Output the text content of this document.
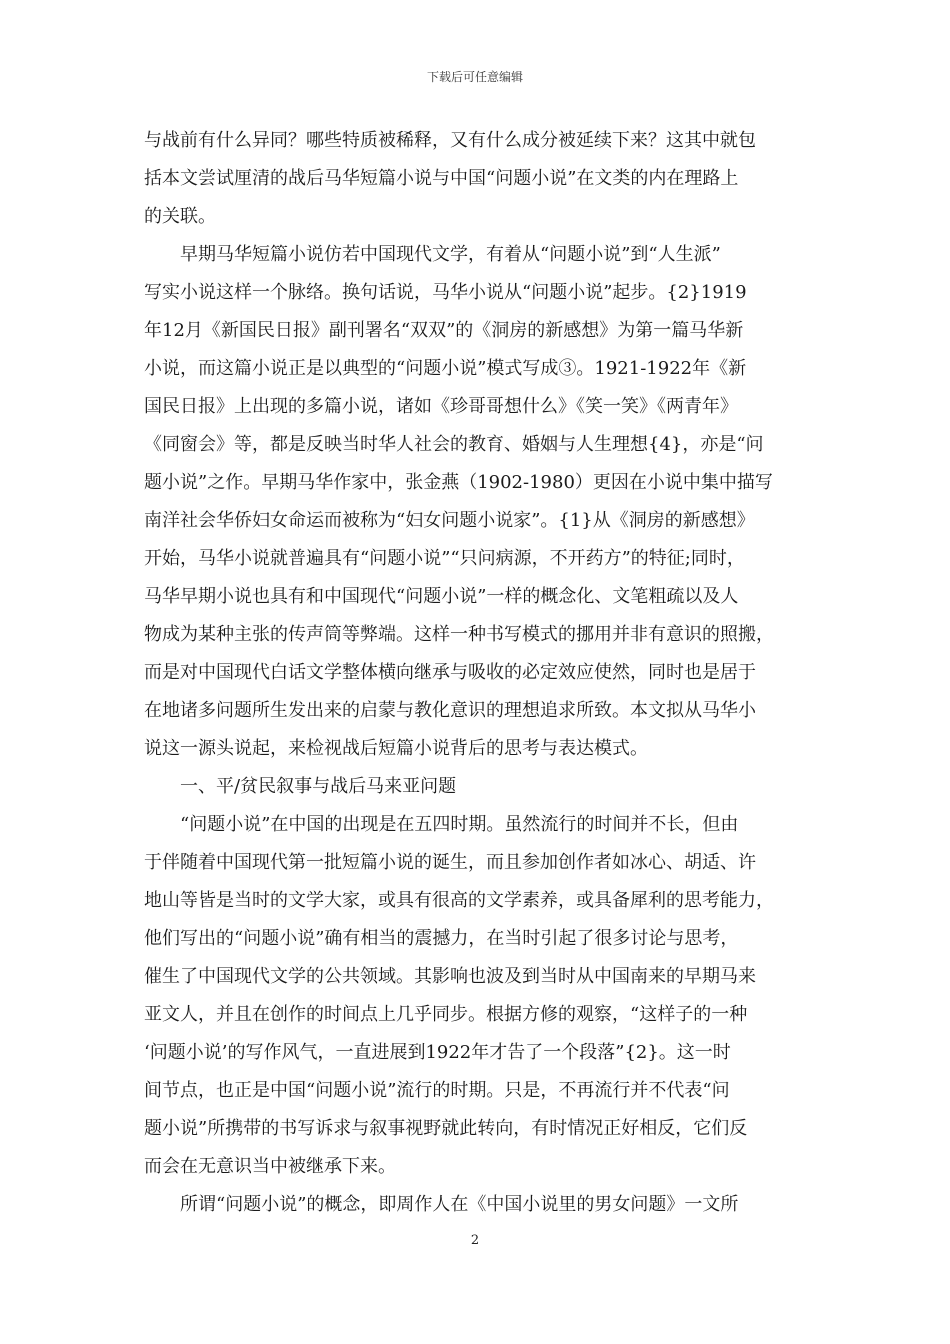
下载后可任意编辑
与战前有什么异同？哪些特质被稀释，又有什么成分被延续下来？这其中就包
括本文尝试厘清的战后马华短篇小说与中国“问题小说”在文类的内在理路上
的关联。
早期马华短篇小说仿若中国现代文学，有着从“问题小说”到“人生派”
写实小说这样一个脉络。换句话说，马华小说从“问题小说”起步。{2}1919
年12月《新国民日报》副刊署名“双双”的《洞房的新感想》为第一篇马华新
小说，而这篇小说正是以典型的“问题小说”模式写成③。1921-1922年《新
国民日报》上出现的多篇小说，诸如《珍哥哥想什么》《笑一笑》《两青年》
《同窗会》等，都是反映当时华人社会的教育、婚姻与人生理想{4}，亦是“问
题小说”之作。早期马华作家中，张金燕（1902-1980）更因在小说中集中描写
南洋社会华侨妇女命运而被称为“妇女问题小说家”。{1}从《洞房的新感想》
开始，马华小说就普遍具有“问题小说”“只问病源，不开药方”的特征;同时，
马华早期小说也具有和中国现代“问题小说”一样的概念化、文笔粗疏以及人
物成为某种主张的传声筒等弊端。这样一种书写模式的挪用并非有意识的照搬，
而是对中国现代白话文学整体横向继承与吸收的必定效应使然，同时也是居于
在地诸多问题所生发出来的启蒙与教化意识的理想追求所致。本文拟从马华小
说这一源头说起，来检视战后短篇小说背后的思考与表达模式。
一、平/贫民叙事与战后马来亚问题
“问题小说”在中国的出现是在五四时期。虽然流行的时间并不长，但由
于伴随着中国现代第一批短篇小说的诞生，而且参加创作者如冰心、胡适、许
地山等皆是当时的文学大家，或具有很高的文学素养，或具备犀利的思考能力，
他们写出的“问题小说”确有相当的震撼力，在当时引起了很多讨论与思考，
催生了中国现代文学的公共领域。其影响也波及到当时从中国南来的早期马来
亚文人，并且在创作的时间点上几乎同步。根据方修的观察，“这样子的一种
‘问题小说’的写作风气，一直进展到1922年才告了一个段落”{2}。这一时
间节点，也正是中国“问题小说”流行的时期。只是，不再流行并不代表“问
题小说”所携带的书写诉求与叙事视野就此转向，有时情况正好相反，它们反
而会在无意识当中被继承下来。
所谓“问题小说”的概念，即周作人在《中国小说里的男女问题》一文所
2
